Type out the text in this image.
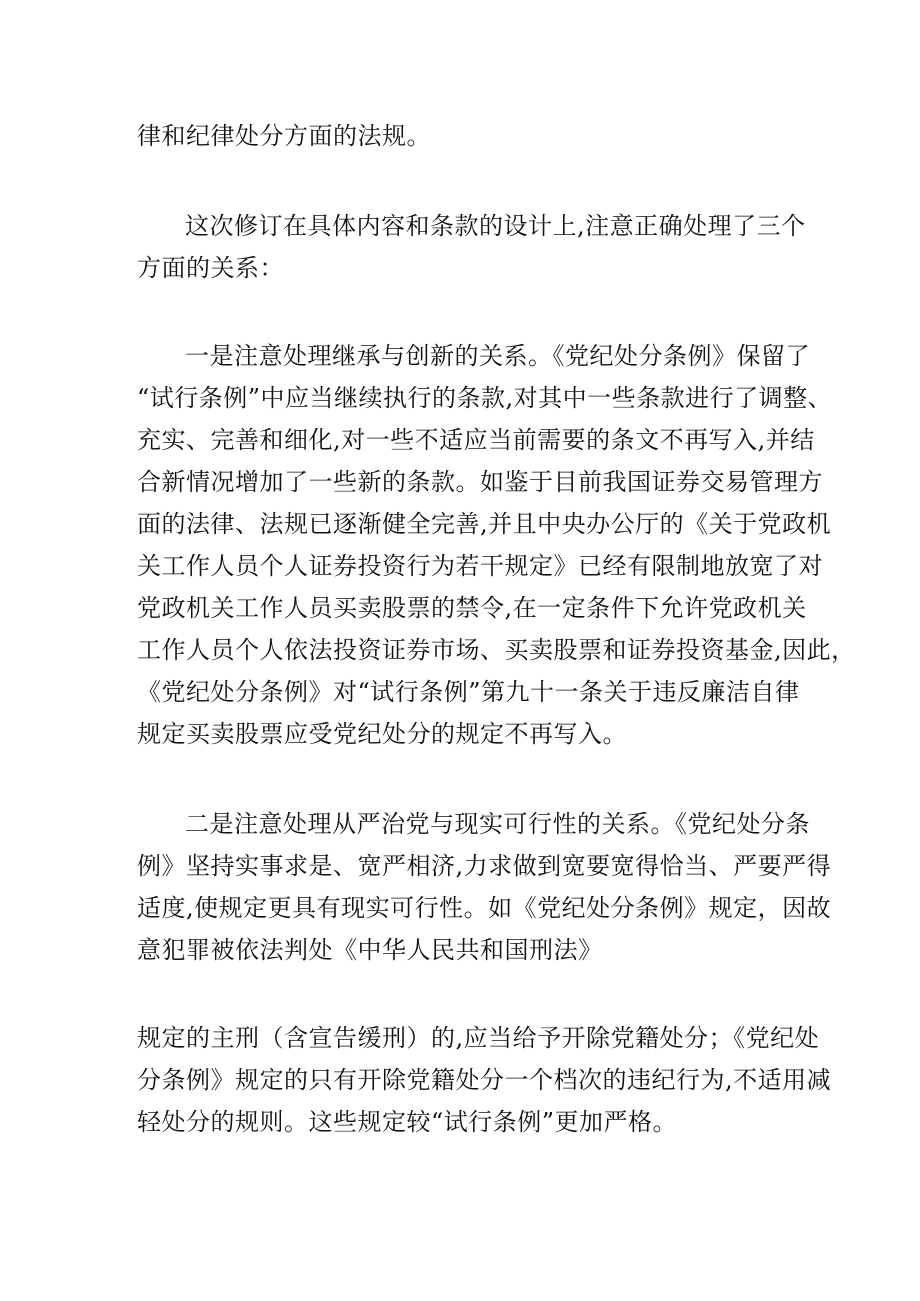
律和纪律处分方面的法规。
这次修订在具体内容和条款的设计上,注意正确处理了三个
方面的关系：
一是注意处理继承与创新的关系。《党纪处分条例》保留了
“试行条例”中应当继续执行的条款,对其中一些条款进行了调整、
充实、完善和细化,对一些不适应当前需要的条文不再写入,并结
合新情况增加了一些新的条款。如鉴于目前我国证券交易管理方
面的法律、法规已逐渐健全完善,并且中央办公厅的《关于党政机
关工作人员个人证券投资行为若干规定》已经有限制地放宽了对
党政机关工作人员买卖股票的禁令,在一定条件下允许党政机关
工作人员个人依法投资证券市场、买卖股票和证券投资基金,因此，
《党纪处分条例》对“试行条例”第九十一条关于违反廉洁自律
规定买卖股票应受党纪处分的规定不再写入。
二是注意处理从严治党与现实可行性的关系。《党纪处分条
例》坚持实事求是、宽严相济,力求做到宽要宽得恰当、严要严得
适度,使规定更具有现实可行性。如《党纪处分条例》规定，因故
意犯罪被依法判处《中华人民共和国刑法》
规定的主刑（含宣告缓刑）的,应当给予开除党籍处分；《党纪处
分条例》规定的只有开除党籍处分一个档次的违纪行为,不适用减
轻处分的规则。这些规定较“试行条例”更加严格。
